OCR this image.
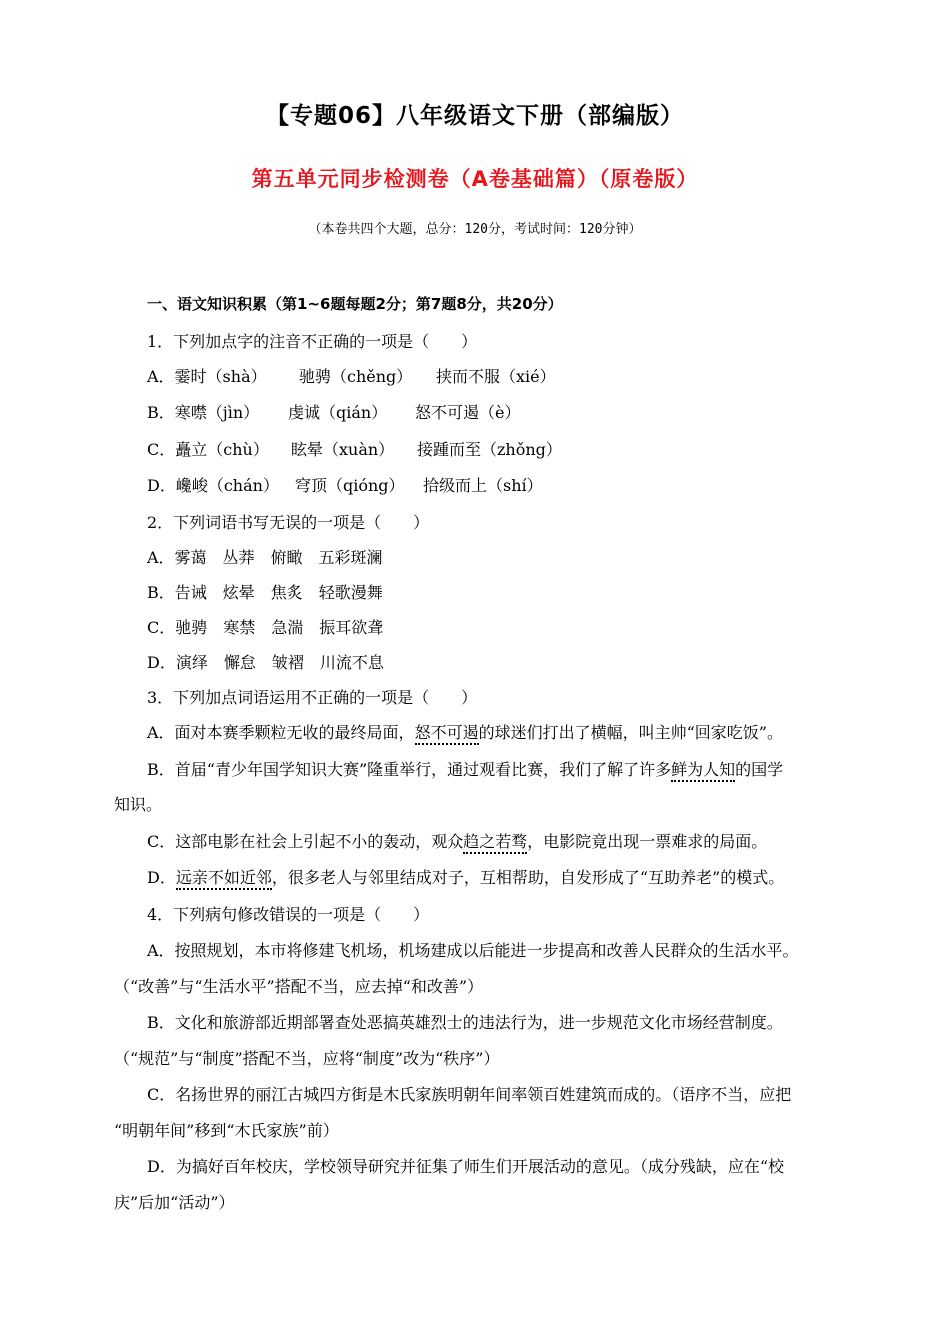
【专题06】八年级语文下册（部编版）
第五单元同步检测卷（A卷基础篇）（原卷版）
（本卷共四个大题，总分：120分，考试时间：120分钟）
一、语文知识积累（第1~6题每题2分；第7题8分，共20分）
1．下列加点字的注音不正确的一项是（　　）
A．霎时（shà） 驰骋（chěng） 挟而不服（xié）
B．寒噤（jìn） 虔诚（qián） 怒不可遏（è）
C．矗立（chù） 眩晕（xuàn） 接踵而至（zhǒng）
D．巉峻（chán） 穹顶（qióng） 拾级而上（shí）
2．下列词语书写无误的一项是（　　）
A．雾蔼　丛莽　俯瞰　五彩斑澜
B．告诫　炫晕　焦炙　轻歌漫舞
C．驰骋　寒禁　急湍　振耳欲聋
D．演绎　懈怠　皱褶　川流不息
3．下列加点词语运用不正确的一项是（　　）
A．面对本赛季颗粒无收的最终局面，怒不可遏的球迷们打出了横幅，叫主帅“回家吃饭”。
B．首届“青少年国学知识大赛”隆重举行，通过观看比赛，我们了解了许多鲜为人知的国学
知识。
C．这部电影在社会上引起不小的轰动，观众趋之若骛，电影院竟出现一票难求的局面。
D．远亲不如近邻，很多老人与邻里结成对子，互相帮助，自发形成了“互助养老”的模式。
4．下列病句修改错误的一项是（　　）
A．按照规划，本市将修建飞机场，机场建成以后能进一步提高和改善人民群众的生活水平。
（“改善”与“生活水平”搭配不当，应去掉“和改善”）
B．文化和旅游部近期部署查处恶搞英雄烈士的违法行为，进一步规范文化市场经营制度。
（“规范”与“制度”搭配不当，应将“制度”改为“秩序”）
C．名扬世界的丽江古城四方街是木氏家族明朝年间率领百姓建筑而成的。（语序不当，应把
“明朝年间”移到“木氏家族”前）
D．为搞好百年校庆，学校领导研究并征集了师生们开展活动的意见。（成分残缺，应在“校
庆”后加“活动”）
